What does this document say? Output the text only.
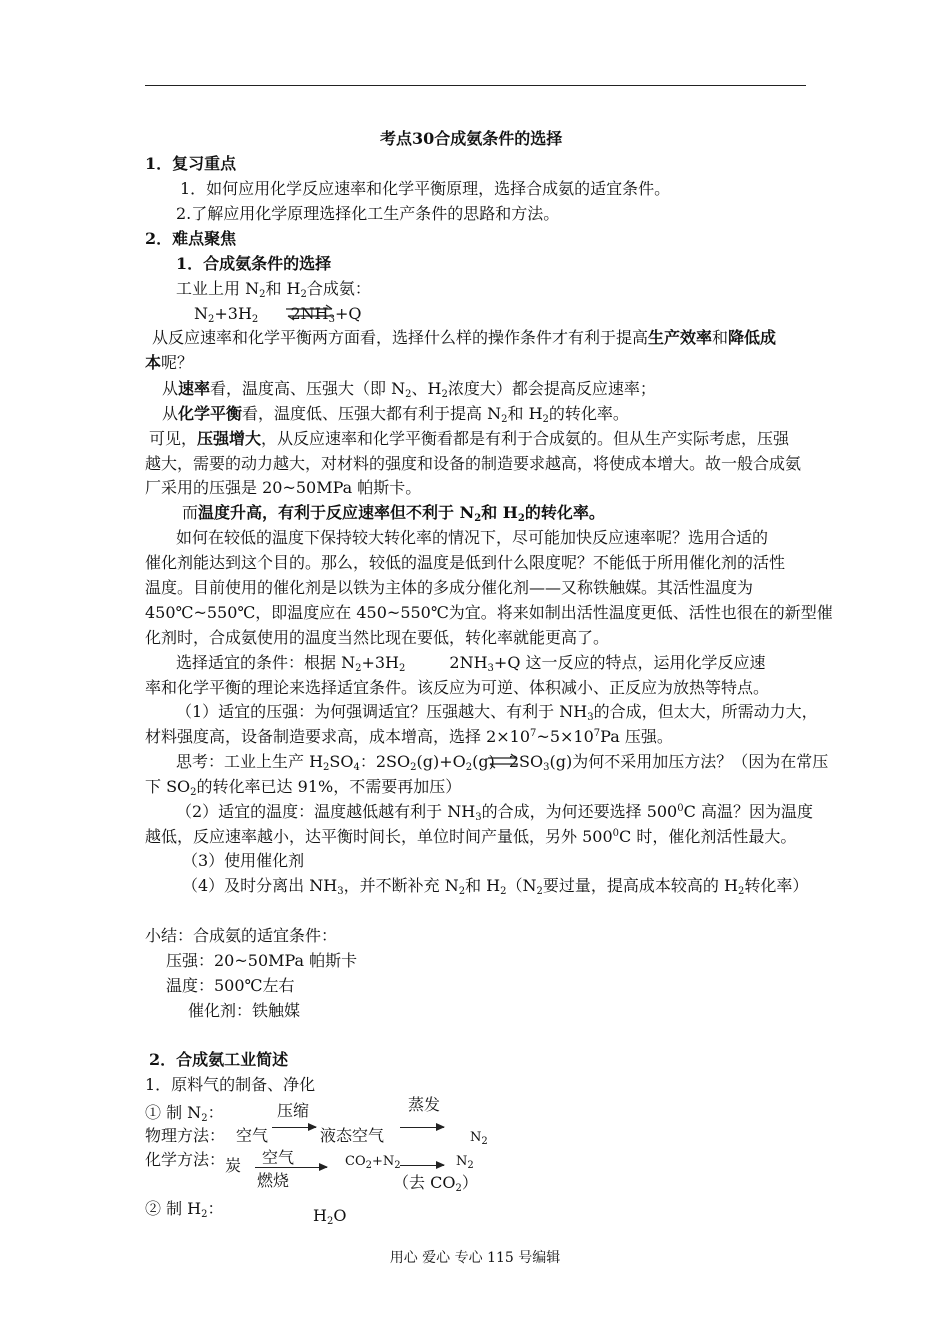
考点30合成氨条件的选择
1．复习重点
1．如何应用化学反应速率和化学平衡原理，选择合成氨的适宜条件。
2.了解应用化学原理选择化工生产条件的思路和方法。
2．难点聚焦
1．合成氨条件的选择
工业上用 $N_2$和 $H_2$合成氨：
$N_2+3H_2$ $2NH_3+Q$
从反应速率和化学平衡两方面看，选择什么样的操作条件才有利于提高生产效率和降低成
本呢？
从速率看，温度高、压强大（即 $N_2$、$H_2$浓度大）都会提高反应速率；
从化学平衡看，温度低、压强大都有利于提高 $N_2$和 $H_2$的转化率。
可见，压强增大，从反应速率和化学平衡看都是有利于合成氨的。但从生产实际考虑，压强
越大，需要的动力越大，对材料的强度和设备的制造要求越高，将使成本增大。故一般合成氨
厂采用的压强是 20~50MPa 帕斯卡。
而温度升高，有利于反应速率但不利于 $N_2$和 $H_2$的转化率。
如何在较低的温度下保持较大转化率的情况下，尽可能加快反应速率呢？选用合适的
催化剂能达到这个目的。那么，较低的温度是低到什么限度呢？不能低于所用催化剂的活性
温度。目前使用的催化剂是以铁为主体的多成分催化剂——又称铁触媒。其活性温度为
450℃~550℃，即温度应在 450~550℃为宜。将来如制出活性温度更低、活性也很在的新型催
化剂时，合成氨使用的温度当然比现在要低，转化率就能更高了。
选择适宜的条件：根据 $N_2+3H_2$	$2NH_3+Q$ 这一反应的特点，运用化学反应速
率和化学平衡的理论来选择适宜条件。该反应为可逆、体积减小、正反应为放热等特点。
（1）适宜的压强：为何强调适宜？压强越大、有利于 $NH_3$的合成，但太大，所需动力大，
材料强度高，设备制造要求高，成本增高，选择 $2\times 10^7\sim 5\times 10^7Pa$ 压强。
思考：工业上生产 $H_2SO_4$：$2SO_2(g)+O_2(g)$ $2SO_3(g)$为何不采用加压方法？（因为在常压
下 $SO_2$的转化率已达 91%，不需要再加压）
（2）适宜的温度：温度越低越有利于 $NH_3$的合成，为何还要选择 $500^0C$ 高温？因为温度
越低，反应速率越小，达平衡时间长，单位时间产量低，另外 $500^0C$ 时，催化剂活性最大。
（3）使用催化剂
（4）及时分离出 $NH_3$，并不断补充 $N_2$和 $H_2(N_2$要过量，提高成本较高的 $H_2$转化率）
小结：合成氨的适宜条件：
压强：20~50MPa 帕斯卡
温度：500℃左右
催化剂：铁触媒
2．合成氨工业简述
1．原料气的制备、净化
① 制 $N_2$：	压缩	蒸发
物理方法： 空气	液态空气	$N_2$
化学方法： 炭 空气
燃烧
$CO_2+N_2$	$N_2$
（去 $CO_2$）
② 制 $H_2$：	$H_2O$
用心 爱心 专心 115 号编辑
